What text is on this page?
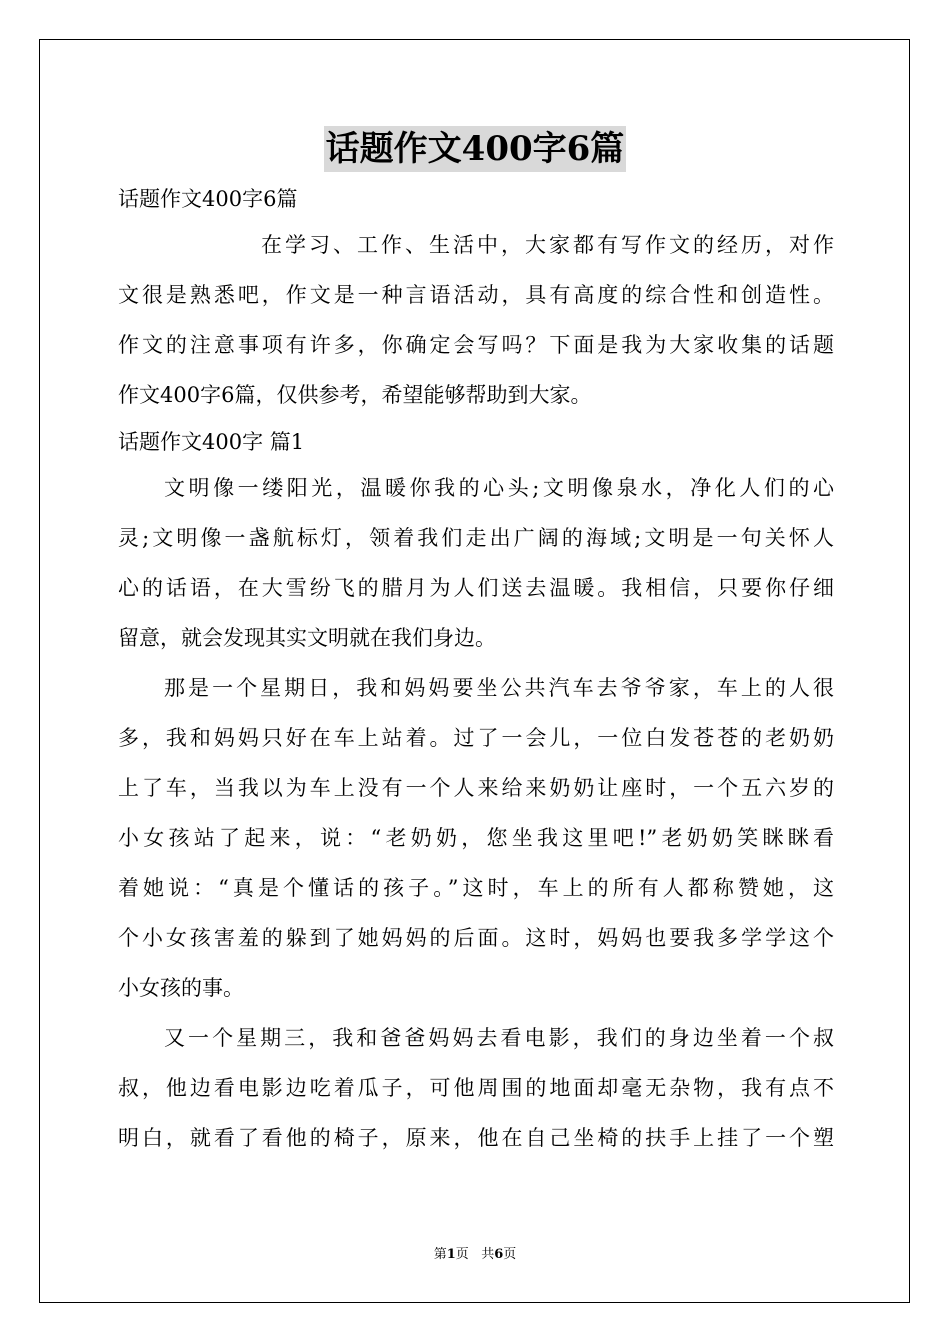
话题作文400字6篇
话题作文400字6篇
在学习、工作、生活中，大家都有写作文的经历，对作
文很是熟悉吧，作文是一种言语活动，具有高度的综合性和创造性。
作文的注意事项有许多，你确定会写吗？下面是我为大家收集的话题
作文400字6篇，仅供参考，希望能够帮助到大家。
话题作文400字 篇1
文明像一缕阳光，温暖你我的心头;文明像泉水，净化人们的心
灵;文明像一盏航标灯，领着我们走出广阔的海域;文明是一句关怀人
心的话语，在大雪纷飞的腊月为人们送去温暖。我相信，只要你仔细
留意，就会发现其实文明就在我们身边。
那是一个星期日，我和妈妈要坐公共汽车去爷爷家，车上的人很
多，我和妈妈只好在车上站着。过了一会儿，一位白发苍苍的老奶奶
上了车，当我以为车上没有一个人来给来奶奶让座时，一个五六岁的
小女孩站了起来，说：“老奶奶，您坐我这里吧!”老奶奶笑眯眯看
着她说：“真是个懂话的孩子。”这时，车上的所有人都称赞她，这
个小女孩害羞的躲到了她妈妈的后面。这时，妈妈也要我多学学这个
小女孩的事。
又一个星期三，我和爸爸妈妈去看电影，我们的身边坐着一个叔
叔，他边看电影边吃着瓜子，可他周围的地面却毫无杂物，我有点不
明白，就看了看他的椅子，原来，他在自己坐椅的扶手上挂了一个塑
第1页 共6页
